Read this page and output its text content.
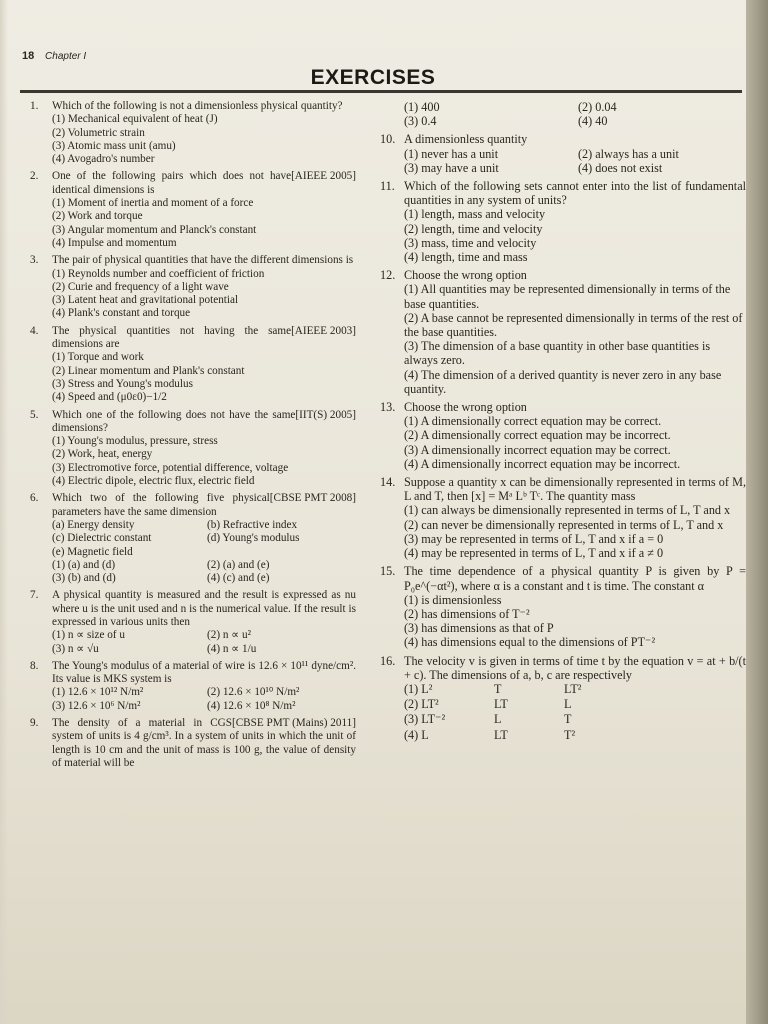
18 Chapter I
EXERCISES
1.	Which of the following is not a dimensionless physical quantity?
(1) Mechanical equivalent of heat (J)
(2) Volumetric strain
(3) Atomic mass unit (amu)
(4) Avogadro's number
2.	[AIEEE 2005]
One of the following pairs which does not have identical dimensions is
(1) Moment of inertia and moment of a force
(2) Work and torque
(3) Angular momentum and Planck's constant
(4) Impulse and momentum
3.	The pair of physical quantities that have the different dimensions is
(1) Reynolds number and coefficient of friction
(2) Curie and frequency of a light wave
(3) Latent heat and gravitational potential
(4) Plank's constant and torque
4.	[AIEEE 2003]
The physical quantities not having the same dimensions are
(1) Torque and work
(2) Linear momentum and Plank's constant
(3) Stress and Young's modulus
(4) Speed and (μ0ε0)−1/2
5.	[IIT(S) 2005]
Which one of the following does not have the same dimensions?
(1) Young's modulus, pressure, stress
(2) Work, heat, energy
(3) Electromotive force, potential difference, voltage
(4) Electric dipole, electric flux, electric field
6.	[CBSE PMT 2008]
Which two of the following five physical parameters have the same dimension
(a) Energy density	(b) Refractive index
(c) Dielectric constant	(d) Young's modulus
(e) Magnetic field
(1) (a) and (d)	(2) (a) and (e)
(3) (b) and (d)	(4) (c) and (e)
7.	A physical quantity is measured and the result is expressed as nu where u is the unit used and n is the numerical value. If the result is expressed in various units then
(1) n ∝ size of u	(2) n ∝ u²
(3) n ∝ √u	(4) n ∝ 1/u
8.	The Young's modulus of a material of wire is 12.6 × 10¹¹ dyne/cm². Its value is MKS system is
(1) 12.6 × 10¹² N/m²	(2) 12.6 × 10¹⁰ N/m²
(3) 12.6 × 10⁶ N/m²	(4) 12.6 × 10⁸ N/m²
9.	[CBSE PMT (Mains) 2011]
The density of a material in CGS system of units is 4 g/cm³. In a system of units in which the unit of length is 10 cm and the unit of mass is 100 g, the value of density of material will be
(1) 400	(2) 0.04
(3) 0.4	(4) 40
10. A dimensionless quantity
(1) never has a unit	(2) always has a unit
(3) may have a unit	(4) does not exist
11. Which of the following sets cannot enter into the list of fundamental quantities in any system of units?
(1) length, mass and velocity
(2) length, time and velocity
(3) mass, time and velocity
(4) length, time and mass
12. Choose the wrong option
(1) All quantities may be represented dimensionally in terms of the base quantities.
(2) A base cannot be represented dimensionally in terms of the rest of the base quantities.
(3) The dimension of a base quantity in other base quantities is always zero.
(4) The dimension of a derived quantity is never zero in any base quantity.
13. Choose the wrong option
(1) A dimensionally correct equation may be correct.
(2) A dimensionally correct equation may be incorrect.
(3) A dimensionally incorrect equation may be correct.
(4) A dimensionally incorrect equation may be incorrect.
14. Suppose a quantity x can be dimensionally represented in terms of M, L and T, then [x] = Mᵃ Lᵇ Tᶜ. The quantity mass
(1) can always be dimensionally represented in terms of L, T and x
(2) can never be dimensionally represented in terms of L, T and x
(3) may be represented in terms of L, T and x if a = 0
(4) may be represented in terms of L, T and x if a ≠ 0
15. The time dependence of a physical quantity P is given by P = P₀e^(−αt²), where α is a constant and t is time. The constant α
(1) is dimensionless
(2) has dimensions of T⁻²
(3) has dimensions as that of P
(4) has dimensions equal to the dimensions of PT⁻²
16. The velocity v is given in terms of time t by the equation v = at + b/(t + c). The dimensions of a, b, c are respectively
(1) L²	T	LT²
(2) LT²	LT	L
(3) LT⁻²	L	T
(4) L	LT	T²
